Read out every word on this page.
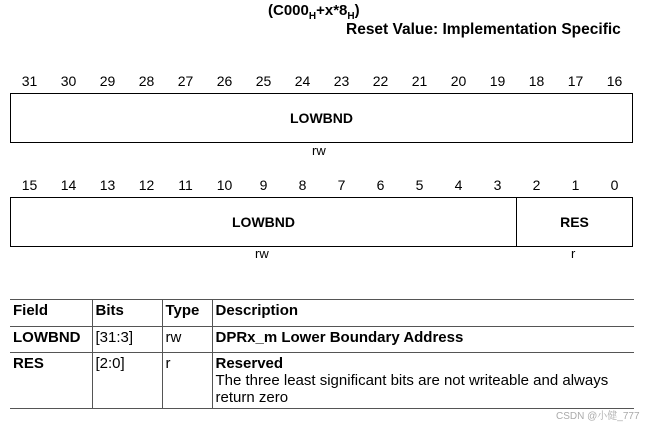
$(C000_H+x*8_H)$
Reset Value: Implementation Specific
31	30	29	28	27	26	25	24	23	22	21	20	19	18	17	16
LOWBND
rw
15	14	13	12	11	10	9	8	7	6	5	4	3	2	1	0
LOWBND	RES
rw	r
Field	Bits	Type	Description
LOWBND	[31:3]	rw	DPRx_m Lower Boundary Address
RES	[2:0]	r	Reserved
The three least significant bits are not writeable and always return zero
CSDN @小健_777
